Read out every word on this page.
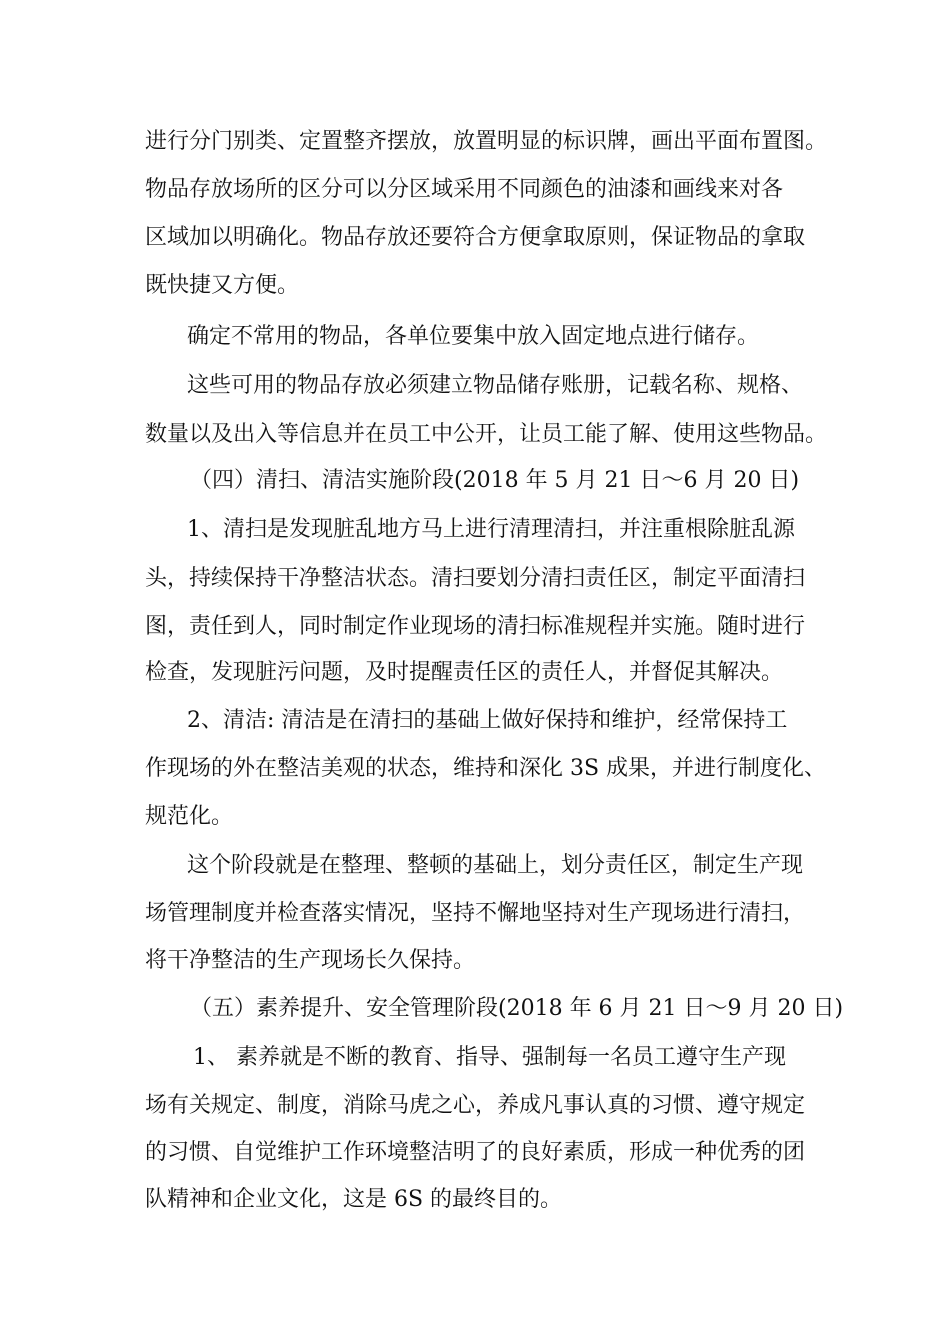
进行分门别类、定置整齐摆放，放置明显的标识牌，画出平面布置图。
物品存放场所的区分可以分区域采用不同颜色的油漆和画线来对各
区域加以明确化。物品存放还要符合方便拿取原则，保证物品的拿取
既快捷又方便。
确定不常用的物品，各单位要集中放入固定地点进行储存。
这些可用的物品存放必须建立物品储存账册，记载名称、规格、
数量以及出入等信息并在员工中公开，让员工能了解、使用这些物品。
（四）清扫、清洁实施阶段(2018 年 5 月 21 日～6 月 20 日)
1、清扫是发现脏乱地方马上进行清理清扫，并注重根除脏乱源
头，持续保持干净整洁状态。清扫要划分清扫责任区，制定平面清扫
图，责任到人，同时制定作业现场的清扫标准规程并实施。随时进行
检查，发现脏污问题，及时提醒责任区的责任人，并督促其解决。
2、清洁: 清洁是在清扫的基础上做好保持和维护，经常保持工
作现场的外在整洁美观的状态，维持和深化 3S 成果，并进行制度化、
规范化。
这个阶段就是在整理、整顿的基础上，划分责任区，制定生产现
场管理制度并检查落实情况，坚持不懈地坚持对生产现场进行清扫，
将干净整洁的生产现场长久保持。
（五）素养提升、安全管理阶段(2018 年 6 月 21 日～9 月 20 日)
1、 素养就是不断的教育、指导、强制每一名员工遵守生产现
场有关规定、制度，消除马虎之心，养成凡事认真的习惯、遵守规定
的习惯、自觉维护工作环境整洁明了的良好素质，形成一种优秀的团
队精神和企业文化，这是 6S 的最终目的。
